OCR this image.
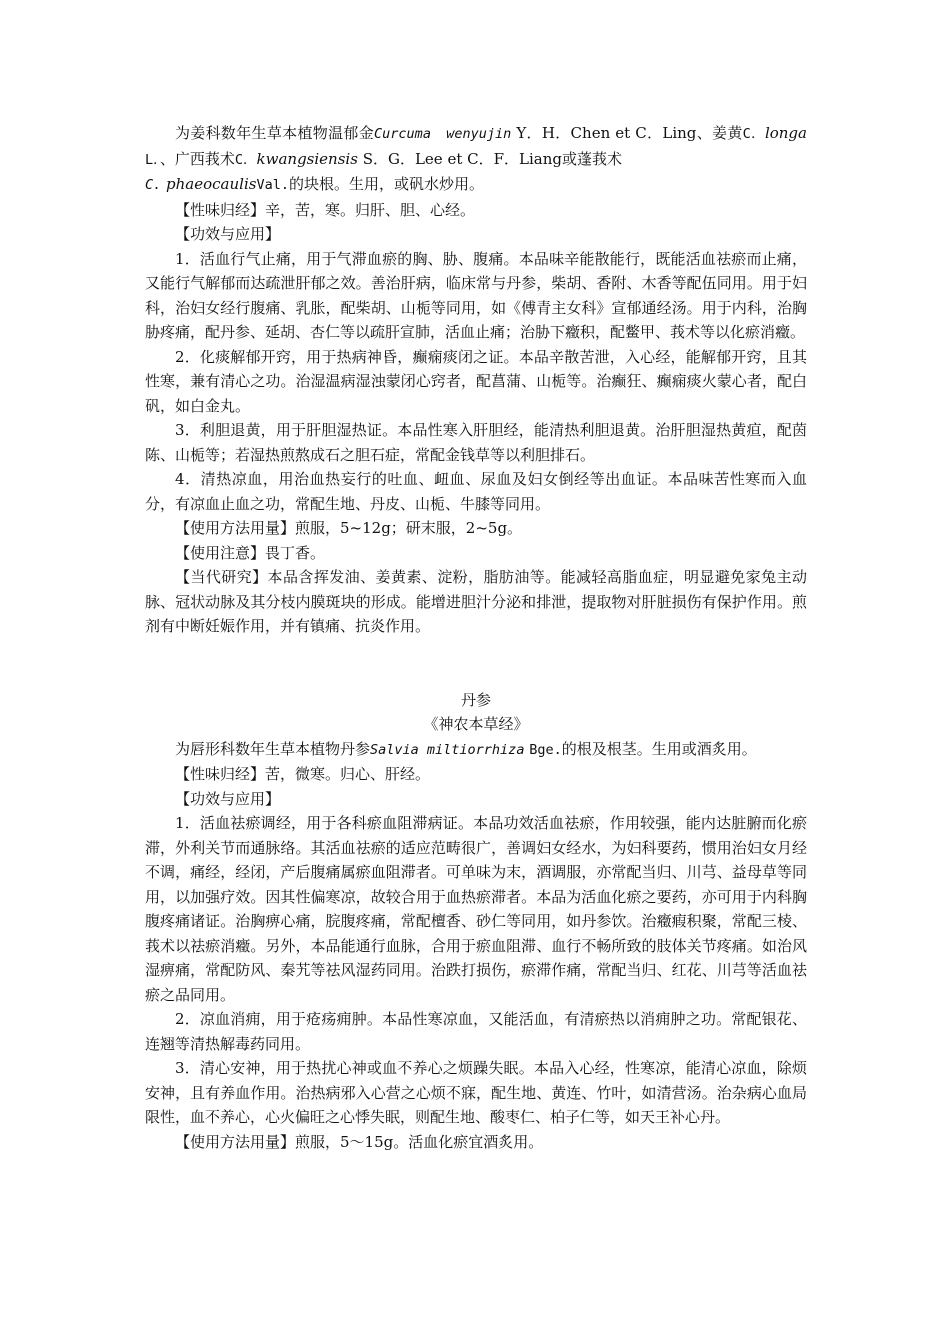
为姜科数年生草本植物温郁金Curcuma wenyujin Y．H．Chen et C．Ling、姜黄C．longa L．、广西莪术C．kwangsiensis S．G．Lee et C．F．Liang或蓬莪术
C. phaeocaulisVal.的块根。生用，或矾水炒用。

【性味归经】辛，苦，寒。归肝、胆、心经。

【功效与应用】

1．活血行气止痛，用于气滞血瘀的胸、胁、腹痛。本品味辛能散能行，既能活血祛瘀而止痛，又能行气解郁而达疏泄肝郁之效。善治肝病，临床常与丹参，柴胡、香附、木香等配伍同用。用于妇科，治妇女经行腹痛、乳胀，配柴胡、山栀等同用，如《傅青主女科》宣郁通经汤。用于内科，治胸胁疼痛，配丹参、延胡、杏仁等以疏肝宣肺，活血止痛；治胁下癥积，配鳖甲、莪术等以化瘀消癥。

2．化痰解郁开窍，用于热病神昏，癫痫痰闭之证。本品辛散苦泄，入心经，能解郁开窍，且其性寒，兼有清心之功。治湿温病湿浊蒙闭心窍者，配菖蒲、山栀等。治癫狂、癫痫痰火蒙心者，配白矾，如白金丸。

3．利胆退黄，用于肝胆湿热证。本品性寒入肝胆经，能清热利胆退黄。治肝胆湿热黄疸，配茵陈、山栀等；若湿热煎熬成石之胆石症，常配金钱草等以利胆排石。

4．清热凉血，用治血热妄行的吐血、衄血、尿血及妇女倒经等出血证。本品味苦性寒而入血分，有凉血止血之功，常配生地、丹皮、山栀、牛膝等同用。

【使用方法用量】煎服，5~12g；研末服，2~5g。

【使用注意】畏丁香。

【当代研究】本品含挥发油、姜黄素、淀粉，脂肪油等。能减轻高脂血症，明显避免家兔主动脉、冠状动脉及其分枝内膜斑块的形成。能增进胆汁分泌和排泄，提取物对肝脏损伤有保护作用。煎剂有中断妊娠作用，并有镇痛、抗炎作用。

丹参

《神农本草经》

为唇形科数年生草本植物丹参Salvia miltiorrhiza Bge.的根及根茎。生用或酒炙用。

【性味归经】苦，微寒。归心、肝经。

【功效与应用】

1．活血祛瘀调经，用于各科瘀血阻滞病证。本品功效活血祛瘀，作用较强，能内达脏腑而化瘀滞，外利关节而通脉络。其活血祛瘀的适应范畴很广，善调妇女经水，为妇科要药，惯用治妇女月经不调，痛经，经闭，产后腹痛属瘀血阻滞者。可单味为末，酒调服，亦常配当归、川芎、益母草等同用，以加强疗效。因其性偏寒凉，故较合用于血热瘀滞者。本品为活血化瘀之要药，亦可用于内科胸腹疼痛诸证。治胸痹心痛，脘腹疼痛，常配檀香、砂仁等同用，如丹参饮。治癥瘕积聚，常配三棱、莪术以祛瘀消癥。另外，本品能通行血脉，合用于瘀血阻滞、血行不畅所致的肢体关节疼痛。如治风湿痹痛，常配防风、秦艽等祛风湿药同用。治跌打损伤，瘀滞作痛，常配当归、红花、川芎等活血祛瘀之品同用。

2．凉血消痈，用于疮疡痈肿。本品性寒凉血，又能活血，有清瘀热以消痈肿之功。常配银花、连翘等清热解毒药同用。

3．清心安神，用于热扰心神或血不养心之烦躁失眠。本品入心经，性寒凉，能清心凉血，除烦安神，且有养血作用。治热病邪入心营之心烦不寐，配生地、黄连、竹叶，如清营汤。治杂病心血局限性，血不养心，心火偏旺之心悸失眠，则配生地、酸枣仁、柏子仁等，如天王补心丹。

【使用方法用量】煎服，5～15g。活血化瘀宜酒炙用。
